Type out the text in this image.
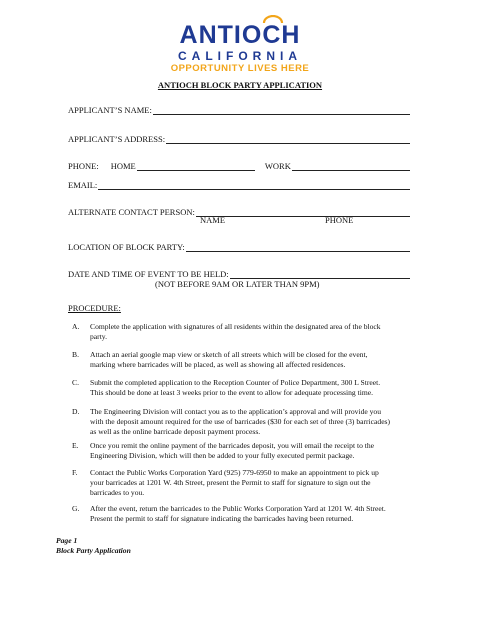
ANTIOCH
CALIFORNIA
OPPORTUNITY LIVES HERE
ANTIOCH BLOCK PARTY APPLICATION
APPLICANT’S NAME:
APPLICANT’S ADDRESS:
PHONE: HOME	WORK
EMAIL:
ALTERNATE CONTACT PERSON:
NAME	PHONE
LOCATION OF BLOCK PARTY:
DATE AND TIME OF EVENT TO BE HELD:
(NOT BEFORE 9AM OR LATER THAN 9PM)
PROCEDURE:
A.	Complete the application with signatures of all residents within the designated area of the block

party.

B.	Attach an aerial google map view or sketch of all streets which will be closed for the event,

marking where barricades will be placed, as well as showing all affected residences.

C.	Submit the completed application to the Reception Counter of Police Department, 300 L Street.

This should be done at least 3 weeks prior to the event to allow for adequate processing time.

D.	The Engineering Division will contact you as to the application’s approval and will provide you

with the deposit amount required for the use of barricades ($30 for each set of three (3) barricades)

as well as the online barricade deposit payment process.

E.	Once you remit the online payment of the barricades deposit, you will email the receipt to the

Engineering Division, which will then be added to your fully executed permit package.

F.	Contact the Public Works Corporation Yard (925) 779-6950 to make an appointment to pick up

your barricades at 1201 W. 4th Street, present the Permit to staff for signature to sign out the

barricades to you.

G.	After the event, return the barricades to the Public Works Corporation Yard at 1201 W. 4th Street.

Present the permit to staff for signature indicating the barricades having been returned.

Page 1
Block Party Application
